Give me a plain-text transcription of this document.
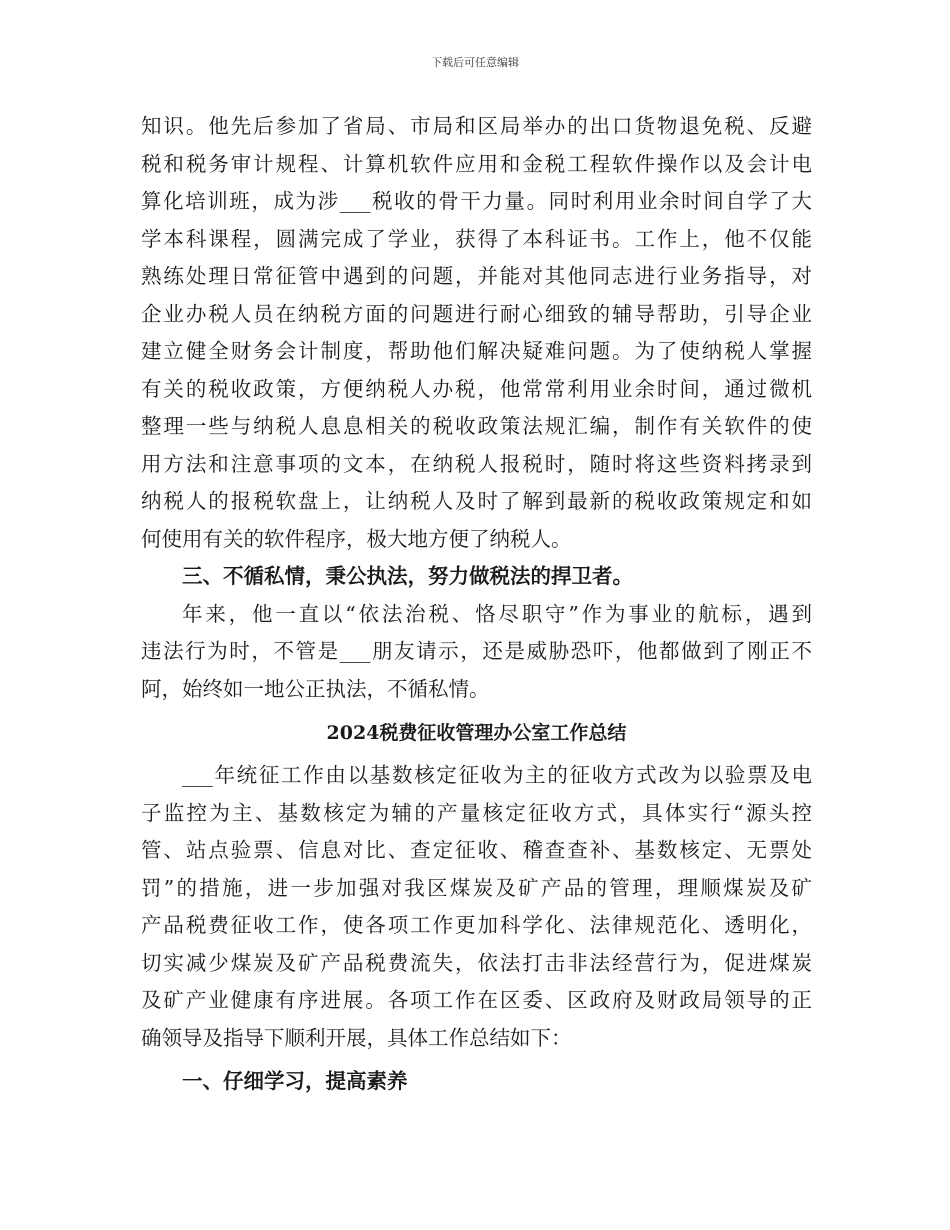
下载后可任意编辑
知识。他先后参加了省局、市局和区局举办的出口货物退免税、反避
税和税务审计规程、计算机软件应用和金税工程软件操作以及会计电
算化培训班，成为涉___税收的骨干力量。同时利用业余时间自学了大
学本科课程，圆满完成了学业，获得了本科证书。工作上，他不仅能
熟练处理日常征管中遇到的问题，并能对其他同志进行业务指导，对
企业办税人员在纳税方面的问题进行耐心细致的辅导帮助，引导企业
建立健全财务会计制度，帮助他们解决疑难问题。为了使纳税人掌握
有关的税收政策，方便纳税人办税，他常常利用业余时间，通过微机
整理一些与纳税人息息相关的税收政策法规汇编，制作有关软件的使
用方法和注意事项的文本，在纳税人报税时，随时将这些资料拷录到
纳税人的报税软盘上，让纳税人及时了解到最新的税收政策规定和如
何使用有关的软件程序，极大地方便了纳税人。
三、不循私情，秉公执法，努力做税法的捍卫者。
年来，他一直以“依法治税、恪尽职守”作为事业的航标，遇到
违法行为时，不管是___朋友请示，还是威胁恐吓，他都做到了刚正不
阿，始终如一地公正执法，不循私情。
2024税费征收管理办公室工作总结
___年统征工作由以基数核定征收为主的征收方式改为以验票及电
子监控为主、基数核定为辅的产量核定征收方式，具体实行“源头控
管、站点验票、信息对比、查定征收、稽查查补、基数核定、无票处
罚”的措施，进一步加强对我区煤炭及矿产品的管理，理顺煤炭及矿
产品税费征收工作，使各项工作更加科学化、法律规范化、透明化，
切实减少煤炭及矿产品税费流失，依法打击非法经营行为，促进煤炭
及矿产业健康有序进展。各项工作在区委、区政府及财政局领导的正
确领导及指导下顺利开展，具体工作总结如下：
一、仔细学习，提高素养
